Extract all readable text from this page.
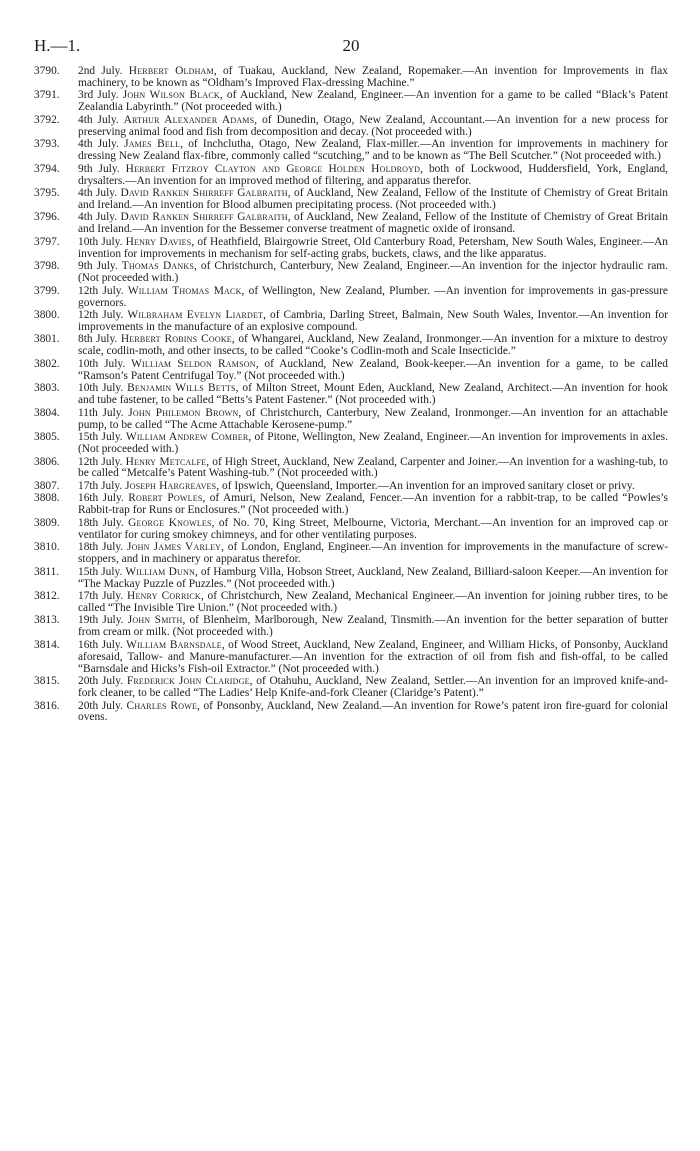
20
H.—1.
3790.	2nd July. Herbert Oldham, of Tuakau, Auckland, New Zealand, Ropemaker.—An invention for Improvements in flax machinery, to be known as “Oldham’s Improved Flax-dressing Machine.”
3791.	3rd July. John Wilson Black, of Auckland, New Zealand, Engineer.—An invention for a game to be called “Black’s Patent Zealandia Labyrinth.” (Not proceeded with.)
3792.	4th July. Arthur Alexander Adams, of Dunedin, Otago, New Zealand, Accountant.—An invention for a new process for preserving animal food and fish from decomposition and decay. (Not proceeded with.)
3793.	4th July. James Bell, of Inchclutha, Otago, New Zealand, Flax-miller.—An invention for improvements in machinery for dressing New Zealand flax-fibre, commonly called “scutching,” and to be known as “The Bell Scutcher.” (Not proceeded with.)
3794.	9th July. Herbert Fitzroy Clayton and George Holden Holdroyd, both of Lockwood, Huddersfield, York, England, drysalters.—An invention for an improved method of filtering, and apparatus therefor.
3795.	4th July. David Ranken Shirreff Galbraith, of Auckland, New Zealand, Fellow of the Institute of Chemistry of Great Britain and Ireland.—An invention for Blood albumen precipitating process. (Not proceeded with.)
3796.	4th July. David Ranken Shirreff Galbraith, of Auckland, New Zealand, Fellow of the Institute of Chemistry of Great Britain and Ireland.—An invention for the Bessemer converse treatment of magnetic oxide of ironsand.
3797.	10th July. Henry Davies, of Heathfield, Blairgowrie Street, Old Canterbury Road, Petersham, New South Wales, Engineer.—An invention for improvements in mechanism for self-acting grabs, buckets, claws, and the like apparatus.
3798.	9th July. Thomas Danks, of Christchurch, Canterbury, New Zealand, Engineer.—An invention for the injector hydraulic ram. (Not proceeded with.)
3799.	12th July. William Thomas Mack, of Wellington, New Zealand, Plumber. —An invention for improvements in gas-pressure governors.
3800.	12th July. Wilbraham Evelyn Liardet, of Cambria, Darling Street, Balmain, New South Wales, Inventor.—An invention for improvements in the manufacture of an explosive compound.
3801.	8th July. Herbert Robins Cooke, of Whangarei, Auckland, New Zealand, Ironmonger.—An invention for a mixture to destroy scale, codlin-moth, and other insects, to be called “Cooke’s Codlin-moth and Scale Insecticide.”
3802.	10th July. William Seldon Ramson, of Auckland, New Zealand, Book-keeper.—An invention for a game, to be called “Ramson’s Patent Centrifugal Toy.” (Not proceeded with.)
3803.	10th July. Benjamin Wills Betts, of Milton Street, Mount Eden, Auckland, New Zealand, Architect.—An invention for hook and tube fastener, to be called “Betts’s Patent Fastener.” (Not proceeded with.)
3804.	11th July. John Philemon Brown, of Christchurch, Canterbury, New Zealand, Ironmonger.—An invention for an attachable pump, to be called “The Acme Attachable Kerosene-pump.”
3805.	15th July. William Andrew Comber, of Pitone, Wellington, New Zealand, Engineer.—An invention for improvements in axles. (Not proceeded with.)
3806.	12th July. Henry Metcalfe, of High Street, Auckland, New Zealand, Carpenter and Joiner.—An invention for a washing-tub, to be called “Metcalfe’s Patent Washing-tub.” (Not proceeded with.)
3807.	17th July. Joseph Hargreaves, of Ipswich, Queensland, Importer.—An invention for an improved sanitary closet or privy.
3808.	16th July. Robert Powles, of Amuri, Nelson, New Zealand, Fencer.—An invention for a rabbit-trap, to be called “Powles’s Rabbit-trap for Runs or Enclosures.” (Not proceeded with.)
3809.	18th July. George Knowles, of No. 70, King Street, Melbourne, Victoria, Merchant.—An invention for an improved cap or ventilator for curing smokey chimneys, and for other ventilating purposes.
3810.	18th July. John James Varley, of London, England, Engineer.—An invention for improvements in the manufacture of screw-stoppers, and in machinery or apparatus therefor.
3811.	15th July. William Dunn, of Hamburg Villa, Hobson Street, Auckland, New Zealand, Billiard-saloon Keeper.—An invention for “The Mackay Puzzle of Puzzles.” (Not proceeded with.)
3812.	17th July. Henry Corrick, of Christchurch, New Zealand, Mechanical Engineer.—An invention for joining rubber tires, to be called “The Invisible Tire Union.” (Not proceeded with.)
3813.	19th July. John Smith, of Blenheim, Marlborough, New Zealand, Tinsmith.—An invention for the better separation of butter from cream or milk. (Not proceeded with.)
3814.	16th July. William Barnsdale, of Wood Street, Auckland, New Zealand, Engineer, and William Hicks, of Ponsonby, Auckland aforesaid, Tallow- and Manure-manufacturer.—An invention for the extraction of oil from fish and fish-offal, to be called “Barnsdale and Hicks’s Fish-oil Extractor.” (Not proceeded with.)
3815.	20th July. Frederick John Claridge, of Otahuhu, Auckland, New Zealand, Settler.—An invention for an improved knife-and-fork cleaner, to be called “The Ladies’ Help Knife-and-fork Cleaner (Claridge’s Patent).”
3816.	20th July. Charles Rowe, of Ponsonby, Auckland, New Zealand.—An invention for Rowe’s patent iron fire-guard for colonial ovens.
